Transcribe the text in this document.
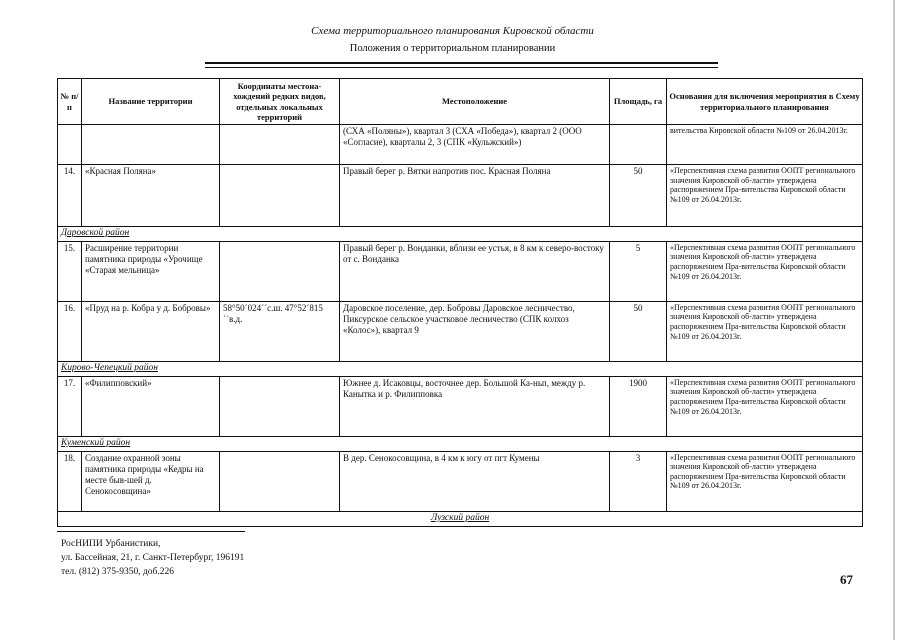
Схема территориального планирования Кировской области
Положения о территориальном планировании
№ п/п	Название территории	Координаты местона-хождений редких видов, отдельных локальных территорий	Местоположение	Площадь, га	Основания для включения мероприятия в Схему территориального планирования
			(СХА «Поляны»), квартал 3 (СХА «Победа»), квартал 2 (ООО «Согласие), кварталы 2, 3 (СПК «Кульжский»)		вительства Кировской области №109 от 26.04.2013г.
14.	«Красная Поляна»		Правый берег р. Вятки напротив пос. Красная Поляна	50	«Перспективная схема развития ООПТ регионального значения Кировской об-ласти» утверждена распоряжением Пра-вительства Кировской области №109 от 26.04.2013г.
Даровской район					
15.	Расширение территории памятника природы «Урочище «Старая мельница»		Правый берег р. Вонданки, вблизи ее устья, в 8 км к северо-востоку от с. Вонданка	5	«Перспективная схема развития ООПТ регионального значения Кировской об-ласти» утверждена распоряжением Пра-вительства Кировской области №109 от 26.04.2013г.
16.	«Пруд на р. Кобра у д. Бобровы»	58°50´024´´с.ш. 47°52´815´´в.д.	Даровское поселение, дер. Бобровы Даровское лесничество, Пиксурское сельское участковое лесничество (СПК колхоз «Колос»), квартал 9	50	«Перспективная схема развития ООПТ регионального значения Кировской об-ласти» утверждена распоряжением Пра-вительства Кировской области №109 от 26.04.2013г.
Кирово-Чепецкий район					
17.	«Филипповский»		Южнее д. Исаковцы, восточнее дер. Большой Ка-ньп, между р. Канытка и р. Филипповка	1900	«Перспективная схема развития ООПТ регионального значения Кировской об-ласти» утверждена распоряжением Пра-вительства Кировской области №109 от 26.04.2013г.
Куменский район					
18.	Создание охранной зоны памятника природы «Кедры на месте быв-шей д. Сенокосовщина»		В дер. Сенокосовщина, в 4 км к югу от пгт Кумены	3	«Перспективная схема развития ООПТ регионального значения Кировской об-ласти» утверждена распоряжением Пра-вительства Кировской области №109 от 26.04.2013г.
Лузский район					
РосНИПИ Урбанистики,
ул. Бассейная, 21, г. Санкт-Петербург, 196191
тел. (812) 375-9350, доб.226	67
